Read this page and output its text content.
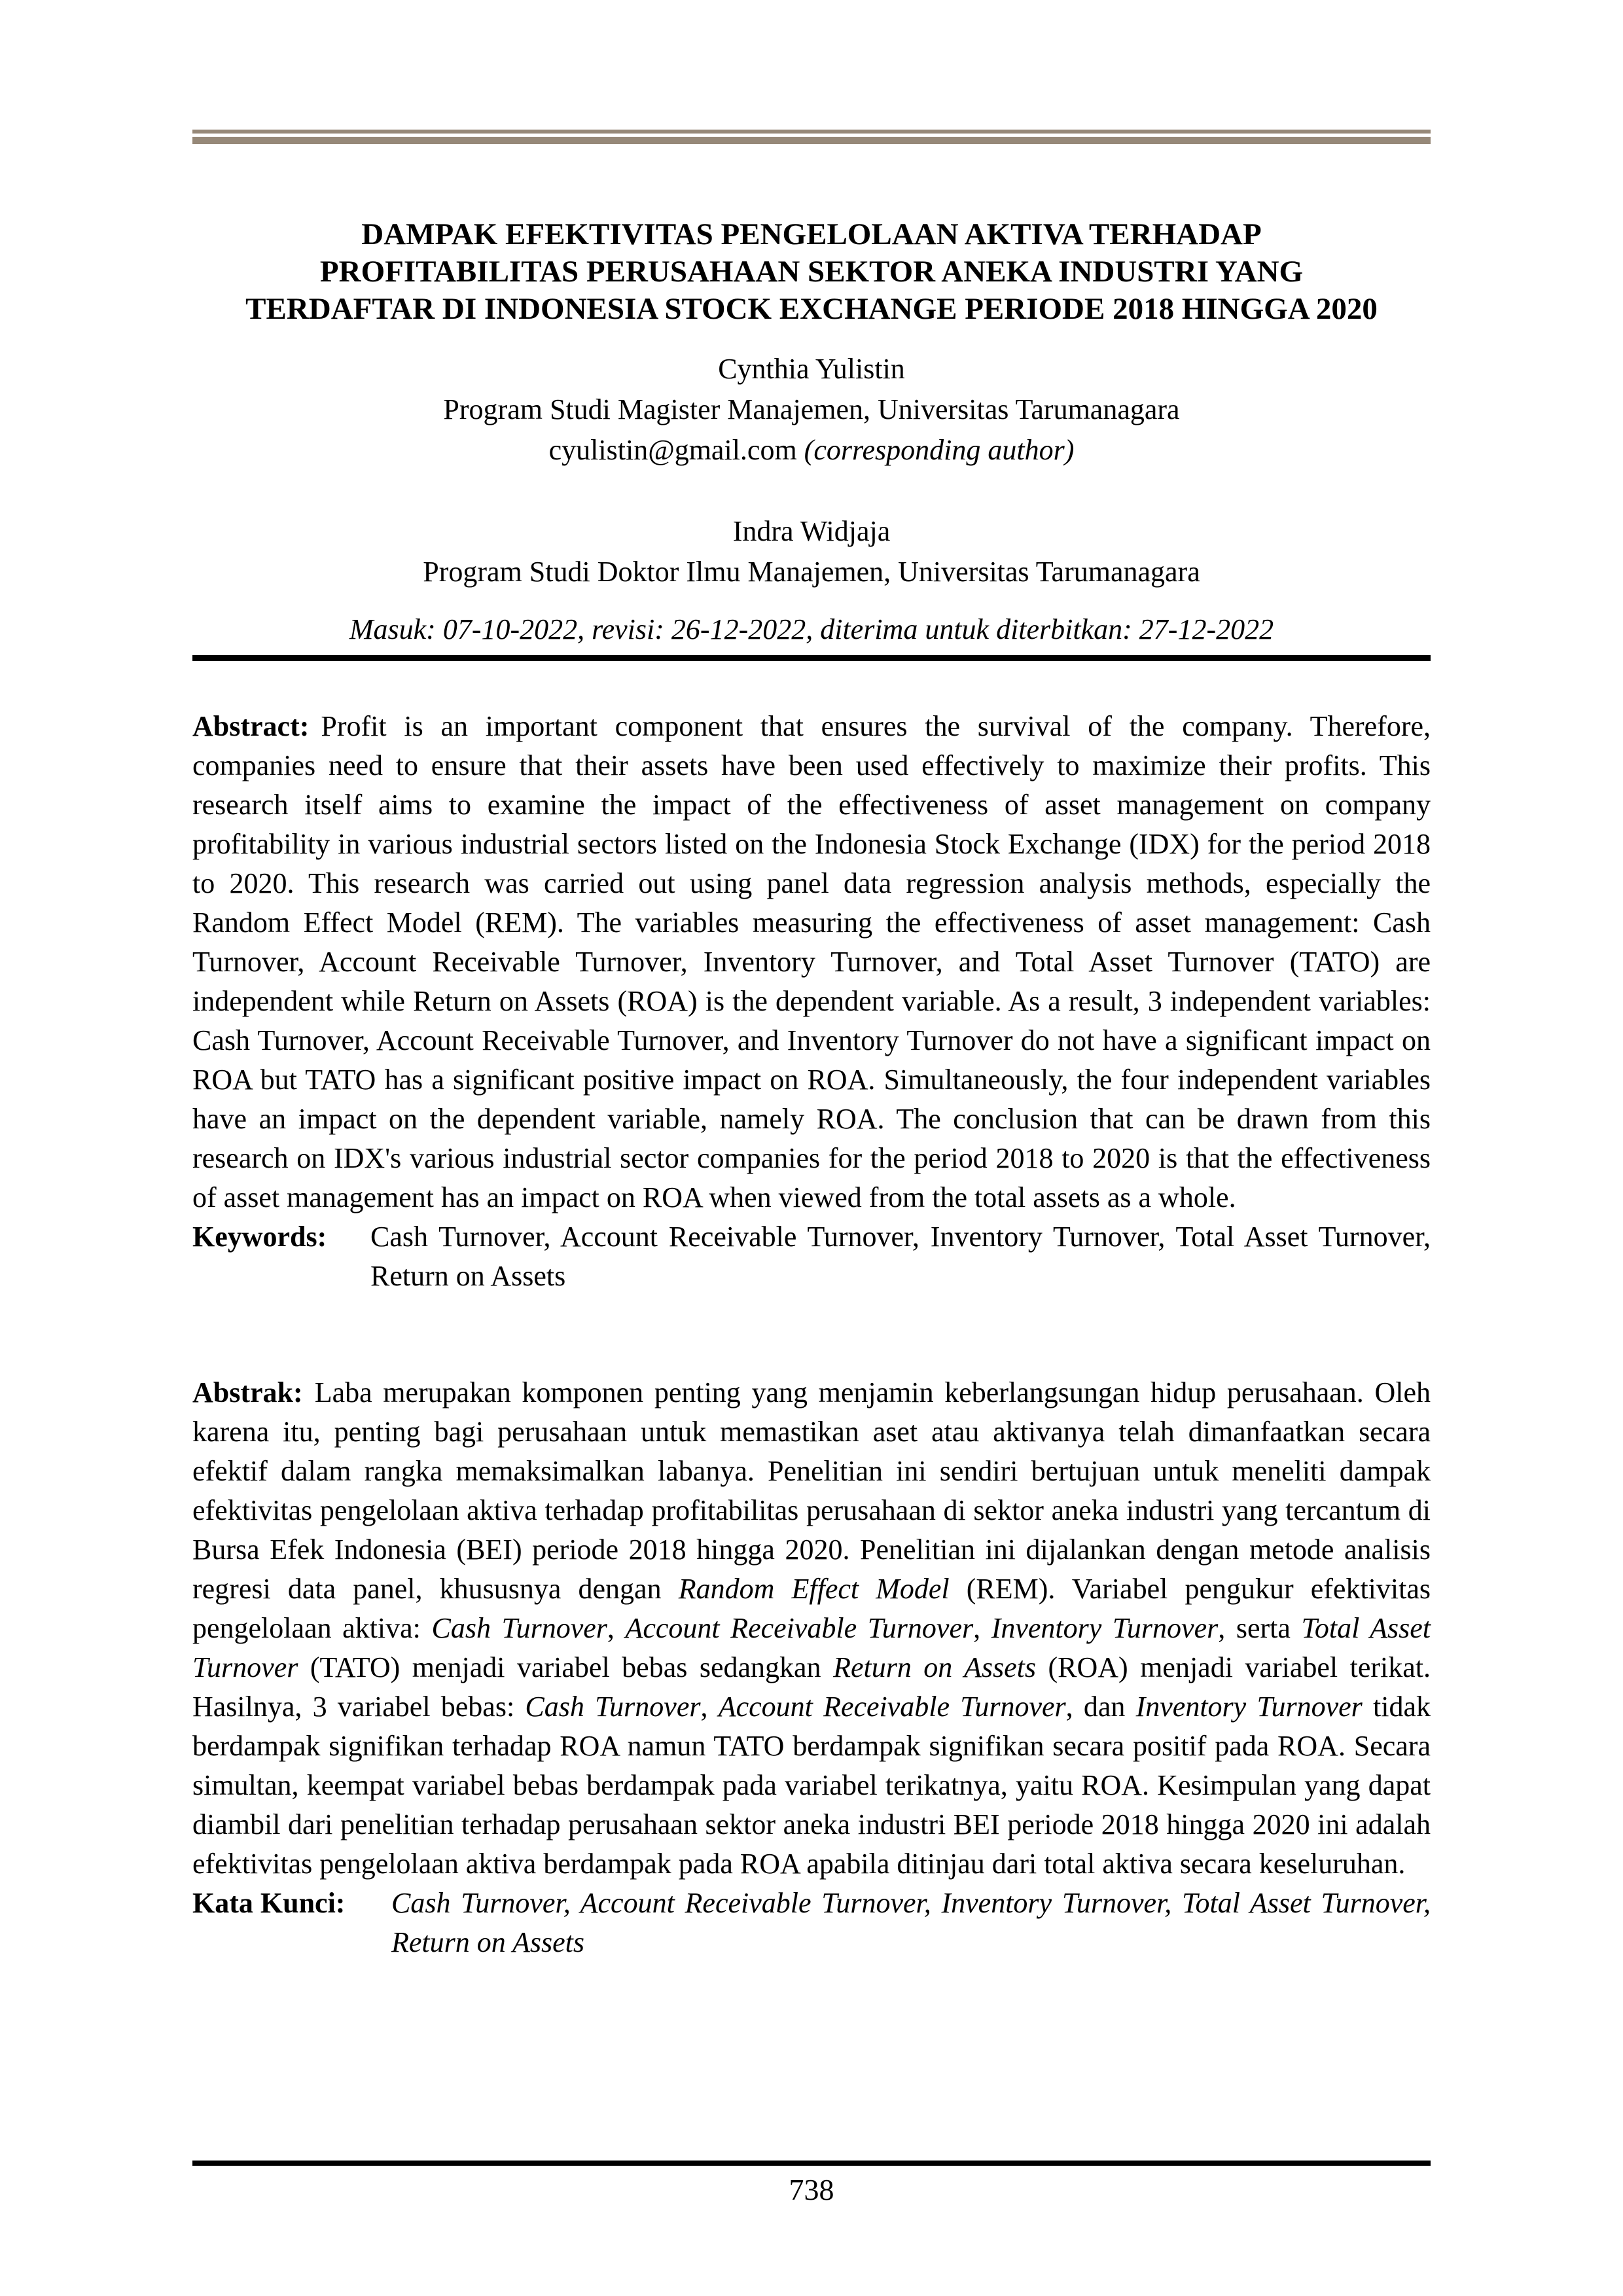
DAMPAK EFEKTIVITAS PENGELOLAAN AKTIVA TERHADAP
PROFITABILITAS PERUSAHAAN SEKTOR ANEKA INDUSTRI YANG
TERDAFTAR DI INDONESIA STOCK EXCHANGE PERIODE 2018 HINGGA 2020
Cynthia Yulistin
Program Studi Magister Manajemen, Universitas Tarumanagara
cyulistin@gmail.com (corresponding author)
Indra Widjaja
Program Studi Doktor Ilmu Manajemen, Universitas Tarumanagara
Masuk: 07-10-2022, revisi: 26-12-2022, diterima untuk diterbitkan: 27-12-2022

Abstract: Profit is an important component that ensures the survival of the company. Therefore, companies need to ensure that their assets have been used effectively to maximize their profits. This research itself aims to examine the impact of the effectiveness of asset management on company profitability in various industrial sectors listed on the Indonesia Stock Exchange (IDX) for the period 2018 to 2020. This research was carried out using panel data regression analysis methods, especially the Random Effect Model (REM). The variables measuring the effectiveness of asset management: Cash Turnover, Account Receivable Turnover, Inventory Turnover, and Total Asset Turnover (TATO) are independent while Return on Assets (ROA) is the dependent variable. As a result, 3 independent variables: Cash Turnover, Account Receivable Turnover, and Inventory Turnover do not have a significant impact on ROA but TATO has a significant positive impact on ROA. Simultaneously, the four independent variables have an impact on the dependent variable, namely ROA. The conclusion that can be drawn from this research on IDX's various industrial sector companies for the period 2018 to 2020 is that the effectiveness of asset management has an impact on ROA when viewed from the total assets as a whole.

Keywords:	Cash Turnover, Account Receivable Turnover, Inventory Turnover, Total Asset Turnover, Return on Assets

Abstrak: Laba merupakan komponen penting yang menjamin keberlangsungan hidup perusahaan. Oleh karena itu, penting bagi perusahaan untuk memastikan aset atau aktivanya telah dimanfaatkan secara efektif dalam rangka memaksimalkan labanya. Penelitian ini sendiri bertujuan untuk meneliti dampak efektivitas pengelolaan aktiva terhadap profitabilitas perusahaan di sektor aneka industri yang tercantum di Bursa Efek Indonesia (BEI) periode 2018 hingga 2020. Penelitian ini dijalankan dengan metode analisis regresi data panel, khususnya dengan Random Effect Model (REM). Variabel pengukur efektivitas pengelolaan aktiva: Cash Turnover, Account Receivable Turnover, Inventory Turnover, serta Total Asset Turnover (TATO) menjadi variabel bebas sedangkan Return on Assets (ROA) menjadi variabel terikat. Hasilnya, 3 variabel bebas: Cash Turnover, Account Receivable Turnover, dan Inventory Turnover tidak berdampak signifikan terhadap ROA namun TATO berdampak signifikan secara positif pada ROA. Secara simultan, keempat variabel bebas berdampak pada variabel terikatnya, yaitu ROA. Kesimpulan yang dapat diambil dari penelitian terhadap perusahaan sektor aneka industri BEI periode 2018 hingga 2020 ini adalah efektivitas pengelolaan aktiva berdampak pada ROA apabila ditinjau dari total aktiva secara keseluruhan.

Kata Kunci:	Cash Turnover, Account Receivable Turnover, Inventory Turnover, Total Asset Turnover, Return on Assets
738
